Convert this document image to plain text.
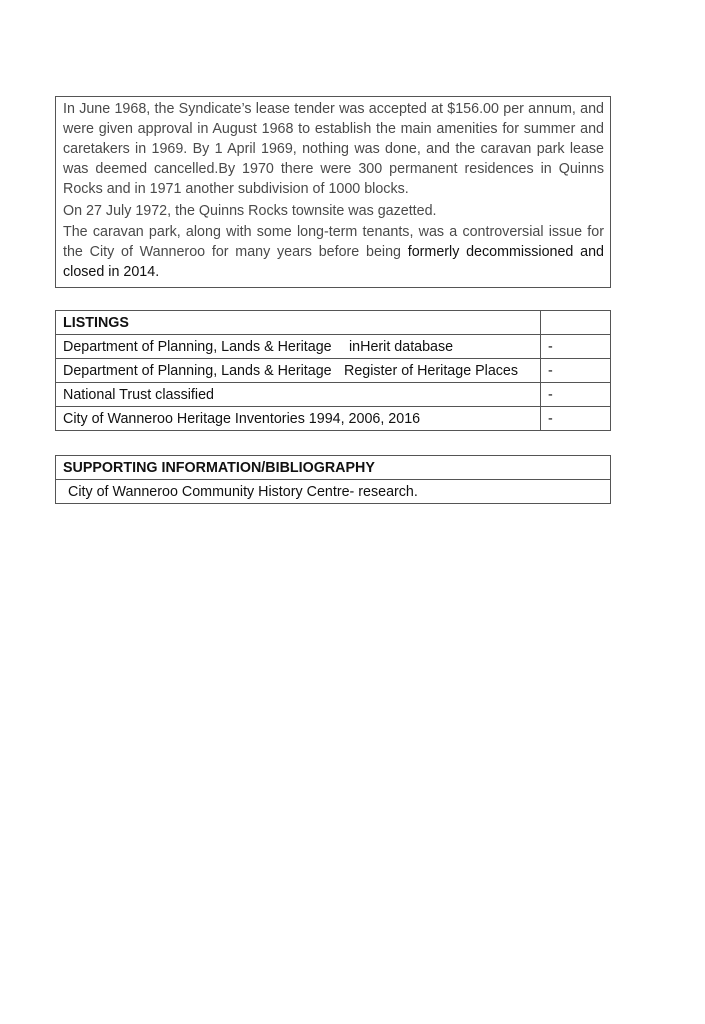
In June 1968, the Syndicate’s lease tender was accepted at $156.00 per annum, and were given approval in August 1968 to establish the main amenities for summer and caretakers in 1969. By 1 April 1969, nothing was done, and the caravan park lease was deemed cancelled.By 1970 there were 300 permanent residences in Quinns Rocks and in 1971 another subdivision of 1000 blocks.

On 27 July 1972, the Quinns Rocks townsite was gazetted.

The caravan park, along with some long-term tenants, was a controversial issue for the City of Wanneroo for many years before being formerly decommissioned and closed in 2014.

LISTINGS	
Department of Planning, Lands & Heritage inHerit database	-
Department of Planning, Lands & Heritage Register of Heritage Places	-
National Trust classified	-
City of Wanneroo Heritage Inventories 1994, 2006, 2016	-
SUPPORTING INFORMATION/BIBLIOGRAPHY
City of Wanneroo Community History Centre- research.
